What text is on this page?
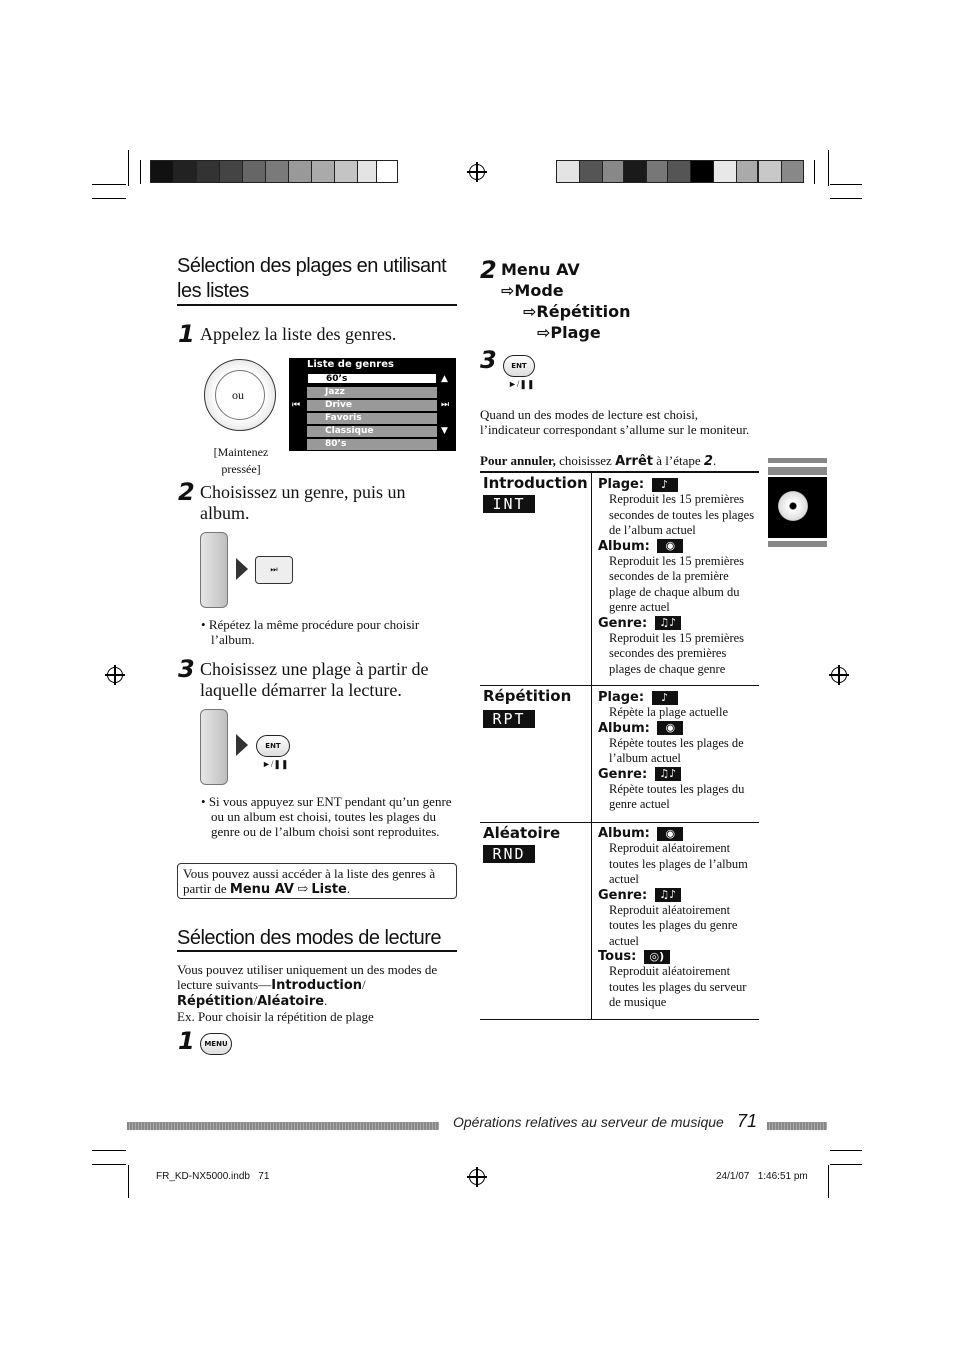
Sélection des plages en utilisant les listes
1 Appelez la liste des genres.
ou
[Maintenez pressée]
Liste de genres
60’s
Jazz
Drive
Favoris
Classique
80’s
▲
▼
⏮	⏭
2 Choisissez un genre, puis un album.
⏭
• Répétez la même procédure pour choisir l’album.
3 Choisissez une plage à partir de laquelle démarrer la lecture.
ENT
►/❚❚
• Si vous appuyez sur ENT pendant qu’un genre ou un album est choisi, toutes les plages du genre ou de l’album choisi sont reproduites.
Vous pouvez aussi accéder à la liste des genres à partir de Menu AV ⇨ Liste.
Sélection des modes de lecture
Vous pouvez utiliser uniquement un des modes de lecture suivants—Introduction/
Répétition/Aléatoire.
Ex. Pour choisir la répétition de plage
1	MENU
2 Menu AV
⇨Mode
⇨Répétition
⇨Plage
3	ENT
►/❚❚
Quand un des modes de lecture est choisi, l’indicateur correspondant s’allume sur le moniteur.
Pour annuler, choisissez Arrêt à l’étape 2.
Introduction
INT
Plage: ♪
Reproduit les 15 premières secondes de toutes les plages de l’album actuel
Album: ◉
Reproduit les 15 premières secondes de la première plage de chaque album du genre actuel
Genre: ♫♪
Reproduit les 15 premières secondes des premières plages de chaque genre
Répétition
RPT
Plage: ♪
Répète la plage actuelle
Album: ◉
Répète toutes les plages de l’album actuel
Genre: ♫♪
Répète toutes les plages du genre actuel
Aléatoire
RND
Album: ◉
Reproduit aléatoirement toutes les plages de l’album actuel
Genre: ♫♪
Reproduit aléatoirement toutes les plages du genre actuel
Tous: ◎)
Reproduit aléatoirement toutes les plages du serveur de musique
Opérations relatives au serveur de musique 71
FR_KD-NX5000.indb   71	24/1/07   1:46:51 pm
